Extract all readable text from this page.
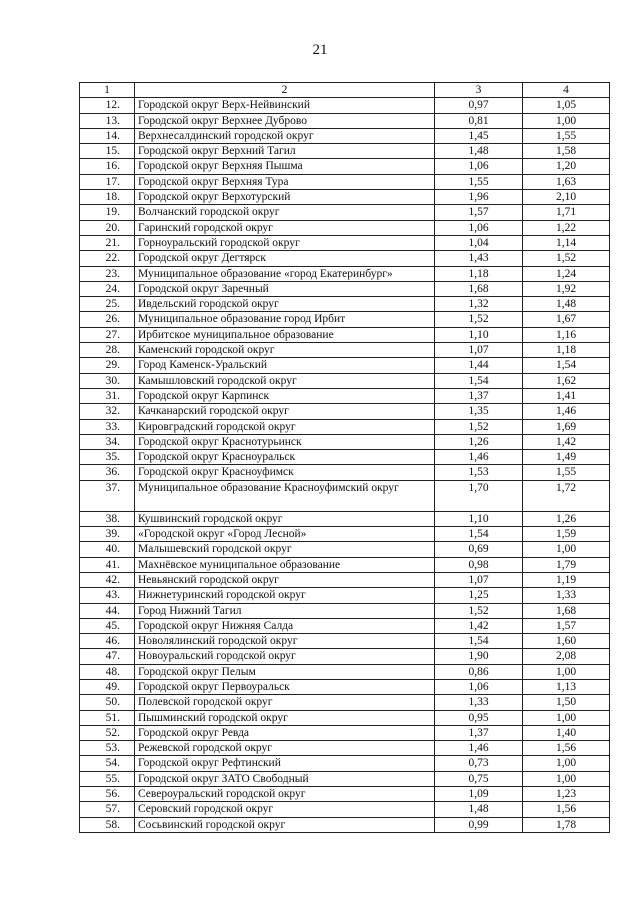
21
1	2	3	4
12.	Городской округ Верх-Нейвинский	0,97	1,05
13.	Городской округ Верхнее Дуброво	0,81	1,00
14.	Верхнесалдинский городской округ	1,45	1,55
15.	Городской округ Верхний Тагил	1,48	1,58
16.	Городской округ Верхняя Пышма	1,06	1,20
17.	Городской округ Верхняя Тура	1,55	1,63
18.	Городской округ Верхотурский	1,96	2,10
19.	Волчанский городской округ	1,57	1,71
20.	Гаринский городской округ	1,06	1,22
21.	Горноуральский городской округ	1,04	1,14
22.	Городской округ Дегтярск	1,43	1,52
23.	Муниципальное образование «город Екатеринбург»	1,18	1,24
24.	Городской округ Заречный	1,68	1,92
25.	Ивдельский городской округ	1,32	1,48
26.	Муниципальное образование город Ирбит	1,52	1,67
27.	Ирбитское муниципальное образование	1,10	1,16
28.	Каменский городской округ	1,07	1,18
29.	Город Каменск-Уральский	1,44	1,54
30.	Камышловский городской округ	1,54	1,62
31.	Городской округ Карпинск	1,37	1,41
32.	Качканарский городской округ	1,35	1,46
33.	Кировградский городской округ	1,52	1,69
34.	Городской округ Краснотурьинск	1,26	1,42
35.	Городской округ Красноуральск	1,46	1,49
36.	Городской округ Красноуфимск	1,53	1,55
37.	Муниципальное образование Красноуфимский округ	1,70	1,72
38.	Кушвинский городской округ	1,10	1,26
39.	«Городской округ «Город Лесной»	1,54	1,59
40.	Малышевский городской округ	0,69	1,00
41.	Махнёвское муниципальное образование	0,98	1,79
42.	Невьянский городской округ	1,07	1,19
43.	Нижнетуринский городской округ	1,25	1,33
44.	Город Нижний Тагил	1,52	1,68
45.	Городской округ Нижняя Салда	1,42	1,57
46.	Новолялинский городской округ	1,54	1,60
47.	Новоуральский городской округ	1,90	2,08
48.	Городской округ Пелым	0,86	1,00
49.	Городской округ Первоуральск	1,06	1,13
50.	Полевской городской округ	1,33	1,50
51.	Пышминский городской округ	0,95	1,00
52.	Городской округ Ревда	1,37	1,40
53.	Режевской городской округ	1,46	1,56
54.	Городской округ Рефтинский	0,73	1,00
55.	Городской округ ЗАТО Свободный	0,75	1,00
56.	Североуральский городской округ	1,09	1,23
57.	Серовский городской округ	1,48	1,56
58.	Сосьвинский городской округ	0,99	1,78
